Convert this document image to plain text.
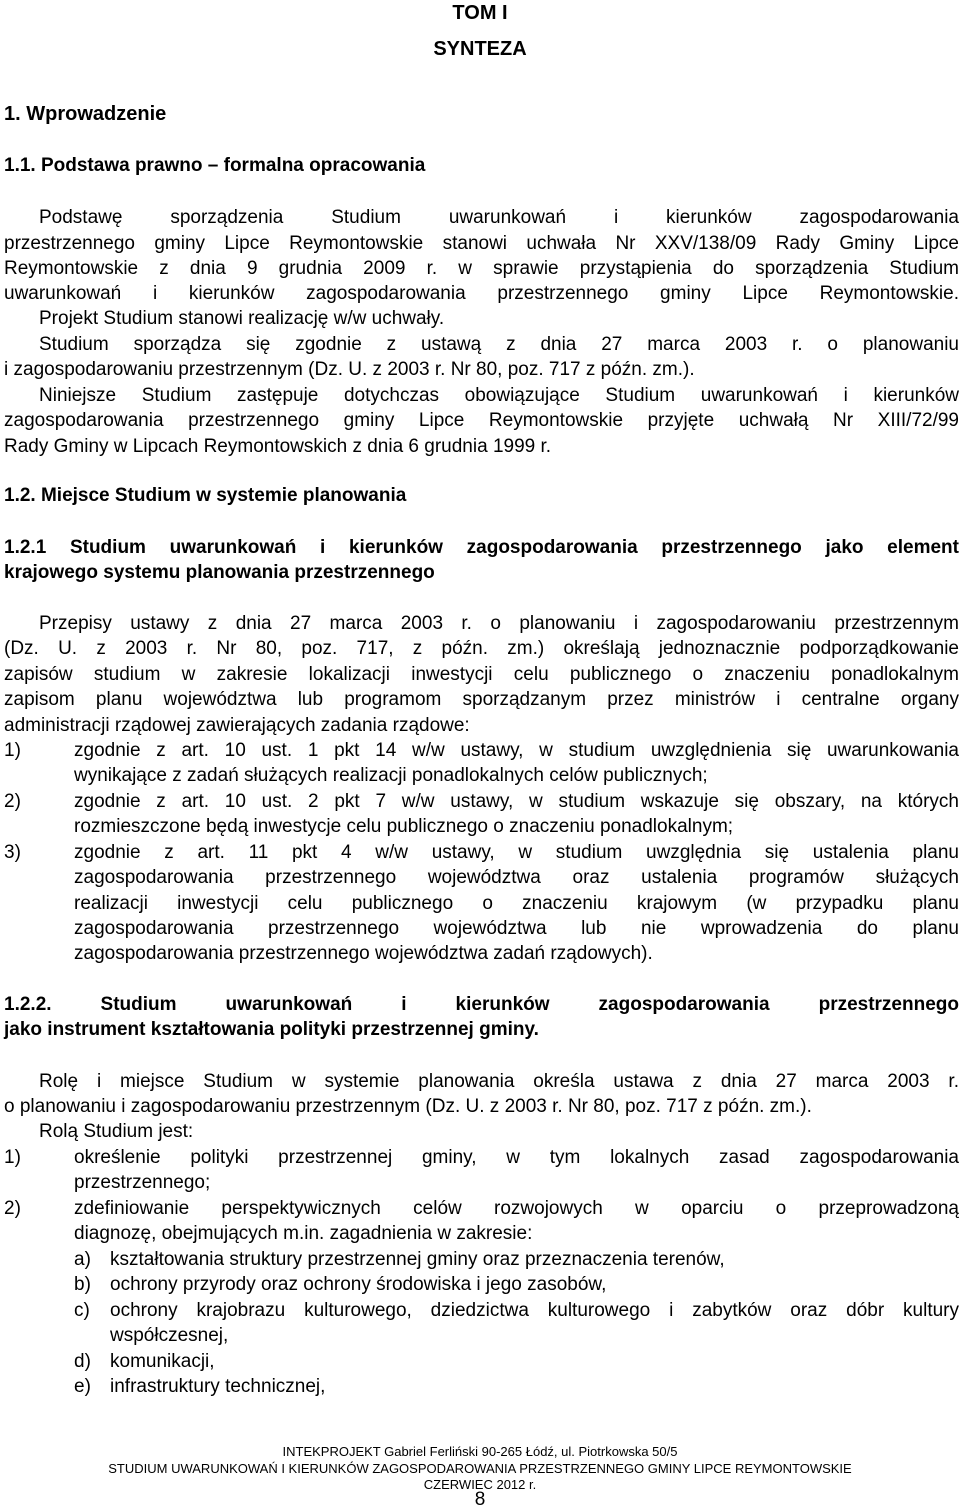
TOM I
SYNTEZA
1. Wprowadzenie
1.1. Podstawa prawno – formalna opracowania
Podstawę sporządzenia Studium uwarunkowań i kierunków zagospodarowania
przestrzennego gminy Lipce Reymontowskie stanowi uchwała Nr XXV/138/09 Rady Gminy Lipce
Reymontowskie z dnia 9 grudnia 2009 r. w sprawie przystąpienia do sporządzenia Studium
uwarunkowań i kierunków zagospodarowania przestrzennego gminy Lipce Reymontowskie.
Projekt Studium stanowi realizację w/w uchwały.
Studium sporządza się zgodnie z ustawą z dnia 27 marca 2003 r. o planowaniu
i zagospodarowaniu przestrzennym (Dz. U. z 2003 r. Nr 80, poz. 717 z późn. zm.).
Niniejsze Studium zastępuje dotychczas obowiązujące Studium uwarunkowań i kierunków
zagospodarowania przestrzennego gminy Lipce Reymontowskie przyjęte uchwałą Nr XIII/72/99
Rady Gminy w Lipcach Reymontowskich z dnia 6 grudnia 1999 r.
1.2. Miejsce Studium w systemie planowania
1.2.1 Studium uwarunkowań i kierunków zagospodarowania przestrzennego jako element
krajowego systemu planowania przestrzennego
Przepisy ustawy z dnia 27 marca 2003 r. o planowaniu i zagospodarowaniu przestrzennym
(Dz. U. z 2003 r. Nr 80, poz. 717, z późn. zm.) określają jednoznacznie podporządkowanie
zapisów studium w zakresie lokalizacji inwestycji celu publicznego o znaczeniu ponadlokalnym
zapisom planu województwa lub programom sporządzanym przez ministrów i centralne organy
administracji rządowej zawierających zadania rządowe:
1)	zgodnie z art. 10 ust. 1 pkt 14 w/w ustawy, w studium uwzględnienia się uwarunkowania
wynikające z zadań służących realizacji ponadlokalnych celów publicznych;
2)	zgodnie z art. 10 ust. 2 pkt 7 w/w ustawy, w studium wskazuje się obszary, na których
rozmieszczone będą inwestycje celu publicznego o znaczeniu ponadlokalnym;
3)	zgodnie z art. 11 pkt 4 w/w ustawy, w studium uwzględnia się ustalenia planu
zagospodarowania przestrzennego województwa oraz ustalenia programów służących
realizacji inwestycji celu publicznego o znaczeniu krajowym (w przypadku planu
zagospodarowania przestrzennego województwa lub nie wprowadzenia do planu
zagospodarowania przestrzennego województwa zadań rządowych).
1.2.2. Studium uwarunkowań i kierunków zagospodarowania przestrzennego
jako instrument kształtowania polityki przestrzennej gminy.
Rolę i miejsce Studium w systemie planowania określa ustawa z dnia 27 marca 2003 r.
o planowaniu i zagospodarowaniu przestrzennym (Dz. U. z 2003 r. Nr 80, poz. 717 z późn. zm.).
Rolą Studium jest:
1)	określenie polityki przestrzennej gminy, w tym lokalnych zasad zagospodarowania
przestrzennego;
2)	zdefiniowanie perspektywicznych celów rozwojowych w oparciu o przeprowadzoną
diagnozę, obejmujących m.in. zagadnienia w zakresie:
a) kształtowania struktury przestrzennej gminy oraz przeznaczenia terenów,
b) ochrony przyrody oraz ochrony środowiska i jego zasobów,
c) ochrony krajobrazu kulturowego, dziedzictwa kulturowego i zabytków oraz dóbr kultury
współczesnej,
d) komunikacji,
e) infrastruktury technicznej,
INTEKPROJEKT Gabriel Ferliński 90-265 Łódź, ul. Piotrkowska 50/5
STUDIUM UWARUNKOWAŃ I KIERUNKÓW ZAGOSPODAROWANIA PRZESTRZENNEGO GMINY LIPCE REYMONTOWSKIE
CZERWIEC 2012 r.
8
